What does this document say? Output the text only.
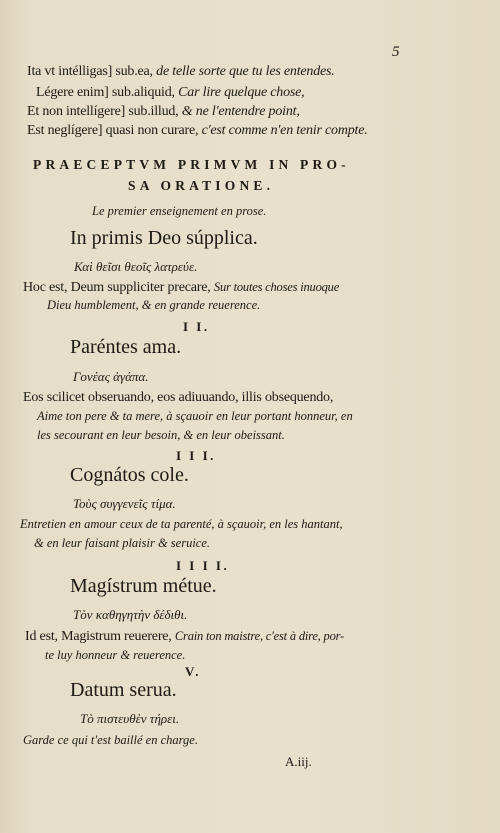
5
Ita vt intélligas] sub.ea, de telle sorte que tu les entendes.
Légere enim] sub.aliquid, Car lire quelque chose,
Et non intellígere] sub.illud, & ne l'entendre point,
Est neglígere] quasi non curare, c'est comme n'en tenir compte.
PRAECEPTVM PRIMVM IN PRO-
SA ORATIONE.
Le premier enseignement en prose.
In primis Deo súpplica.
Καὶ θεῖσι θεοῖς λατρεύε.
Hoc est, Deum suppliciter precare, Sur toutes choses inuoque
Dieu humblement, & en grande reuerence.
I I.
Paréntes ama.
Γονέας ἀγάπα.
Eos scilicet obseruando, eos adiuuando, illis obsequendo,
Aime ton pere & ta mere, à sçauoir en leur portant honneur, en
les secourant en leur besoin, & en leur obeissant.
I I I.
Cognátos cole.
Τοὺς συγγενεῖς τίμα.
Entretien en amour ceux de ta parenté, à sçauoir, en les hantant,
& en leur faisant plaisir & seruice.
I I I I.
Magístrum métue.
Τὸν καθηγητὴν δέδιθι.
Id est, Magistrum reuerere, Crain ton maistre, c'est à dire, por-
te luy honneur & reuerence.
V.
Datum serua.
Τὸ πιστευθὲν τήρει.
Garde ce qui t'est baillé en charge.
A.iij.
